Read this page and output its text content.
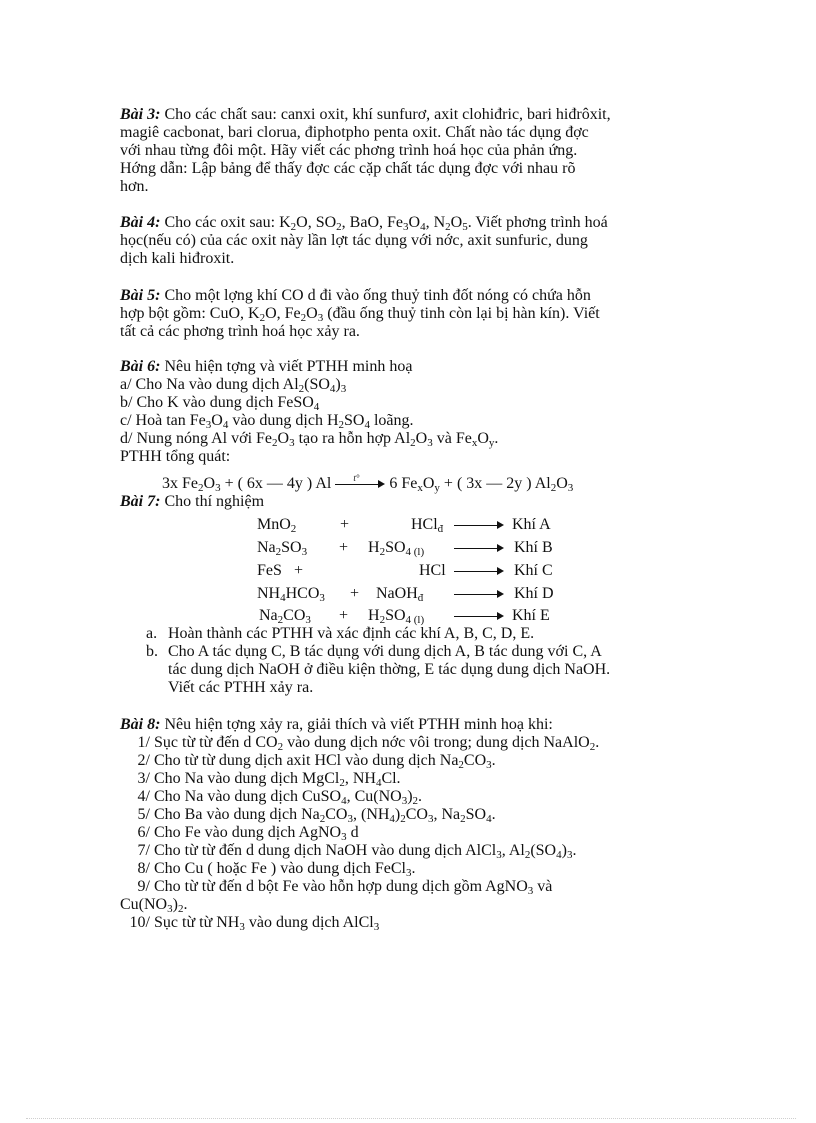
Bài 3: Cho các chất sau: canxi oxit, khí sunfurơ, axit clohiđric, bari hiđrôxit,
magiê cacbonat, bari clorua, điphotpho penta oxit. Chất nào tác dụng đợc
với nhau từng đôi một. Hãy viết các phơng trình hoá học của phản ứng.
Hớng dẫn: Lập bảng để thấy đợc các cặp chất tác dụng đợc với nhau rõ
hơn.
Bài 4: Cho các oxit sau: $K_2O$, $SO_2$, BaO, $Fe_3O_4$, $N_2O_5$. Viết phơng trình hoá
học(nếu có) của các oxit này lần lợt tác dụng với nớc, axit sunfuric, dung
dịch kali hiđroxit.
Bài 5: Cho một lợng khí CO d đi vào ống thuỷ tinh đốt nóng có chứa hỗn
hợp bột gồm: CuO, $K_2O$, $Fe_2O_3$ (đầu ống thuỷ tinh còn lại bị hàn kín). Viết
tất cả các phơng trình hoá học xảy ra.
Bài 6: Nêu hiện tợng và viết PTHH minh hoạ
a/ Cho Na vào dung dịch $Al_2(SO_4)_3$
b/ Cho K vào dung dịch FeSO$_4$
c/ Hoà $\tan Fe_3O_4$ vào dung dịch $H_2SO_4$ loãng.
d/ Nung nóng Al với $Fe_2O_3$ tạo ra hỗn hợp $Al_2O_3$ và $Fe_xO_y$.
PTHH tổng quát:
3x $Fe_2O_3$ + ( 6x — 4y ) Al t° 6 $Fe_xO_y$ + ( 3x — 2y ) $Al_2O_3$
Bài 7: Cho thí nghiệm
MnO$_2$	+	HCl$_đ$	Khí A
$Na_2SO_3 + H_2SO_{4 (l)}$	Khí B
FeS +	HCl	Khí C
$NH_4HCO_3$ + NaOH$_đ$	Khí D
$Na_2CO_3 + H_2SO_{4 (l)}$	Khí E
a. Hoàn thành các PTHH và xác định các khí A, B, C, D, E.
b. Cho A tác dụng C, B tác dụng với dung dịch A, B tác dung với C, A
tác dung dịch NaOH ở điều kiện thờng, E tác dụng dung dịch NaOH.
Viết các PTHH xảy ra.
Bài 8: Nêu hiện tợng xảy ra, giải thích và viết PTHH minh hoạ khi:
1/ Sục từ từ đến d $CO_2$ vào dung dịch nớc vôi trong; dung dịch NaAlO$_2$.
2/ Cho từ từ dung dịch axit HCl vào dung dịch $Na_2CO_3$.
3/ Cho Na vào dung dịch MgCl$_2$, $NH_4Cl$.
4/ Cho Na vào dung dịch CuSO$_4$, $Cu(NO_3)_2$.
5/ Cho Ba vào dung dịch $Na_2CO_3$, $(NH_4)_2CO_3$, $Na_2SO_4$.
6/ Cho Fe vào dung dịch AgNO$_3$ d
7/ Cho từ từ đến d dung dịch NaOH vào dung dịch AlCl$_3$, $Al_2(SO_4)_3$.
8/ Cho Cu ( hoặc Fe ) vào dung dịch FeCl$_3$.
9/ Cho từ từ đến d bột Fe vào hỗn hợp dung dịch gồm AgNO$_3$ và
$Cu(NO_3)_2$.
10/ Sục từ từ $NH_3$ vào dung dịch AlCl$_3$
